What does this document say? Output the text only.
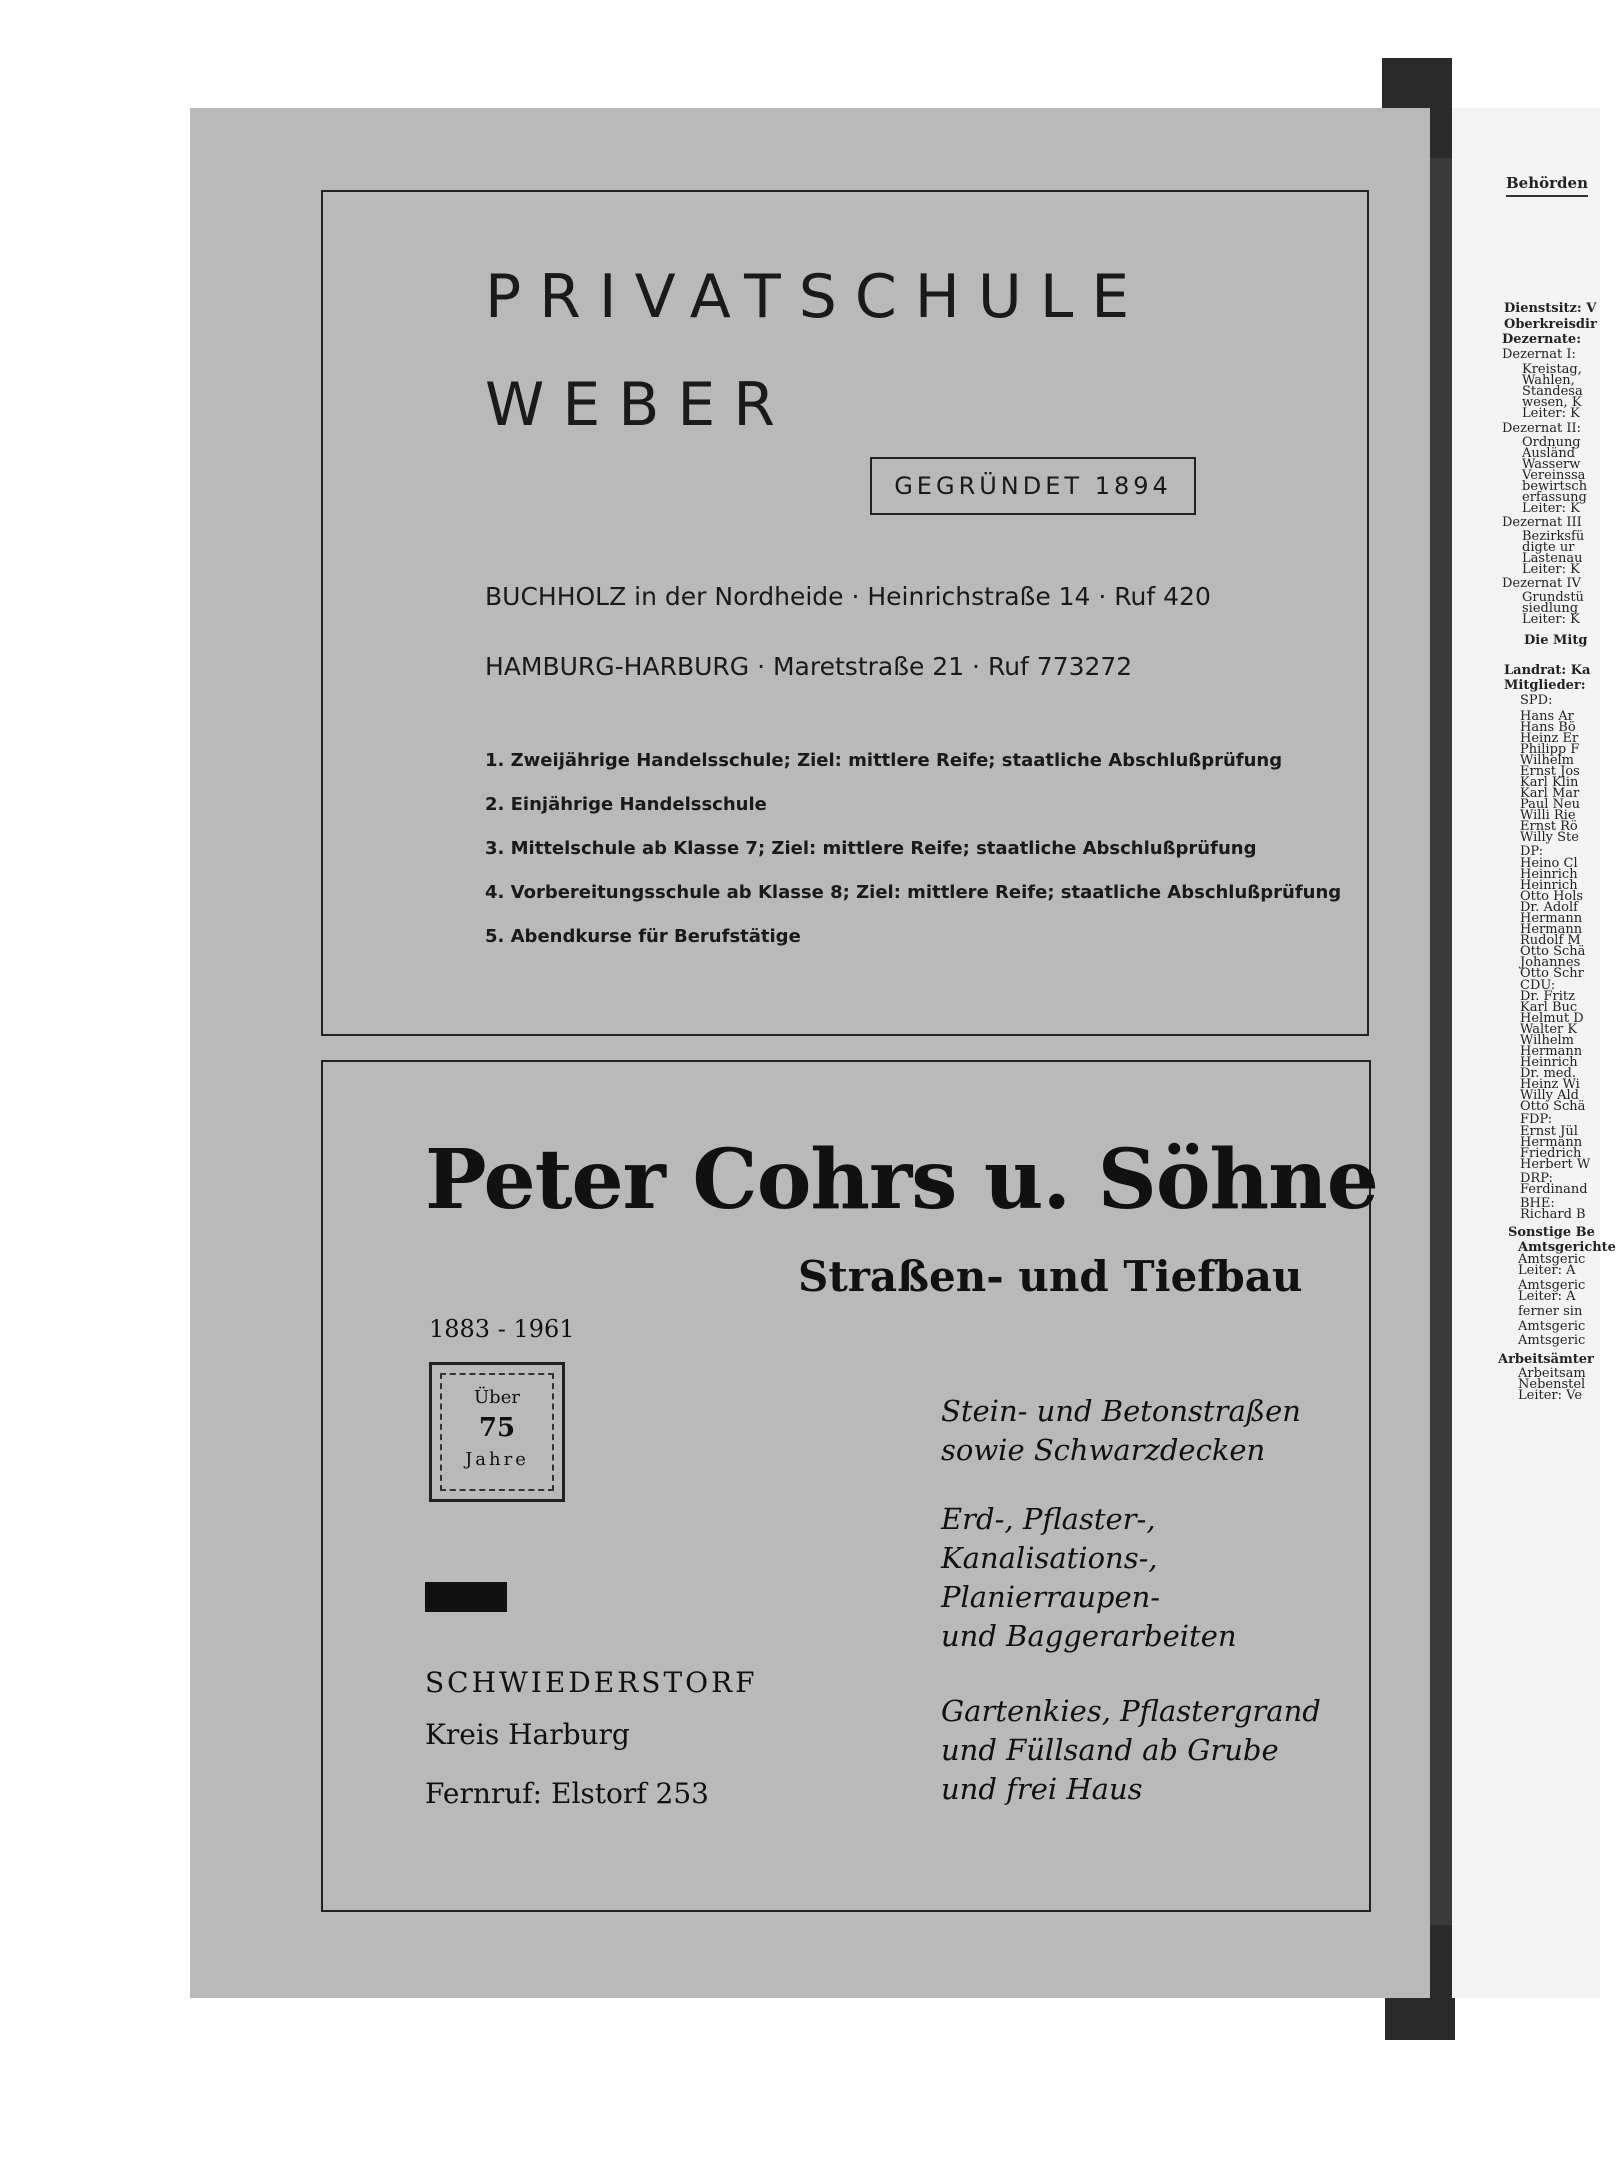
PRIVATSCHULE
WEBER
GEGRÜNDET 1894
BUCHHOLZ in der Nordheide · Heinrichstraße 14 · Ruf 420
HAMBURG-HARBURG · Maretstraße 21 · Ruf 773272
1. Zweijährige Handelsschule; Ziel: mittlere Reife; staatliche Abschlußprüfung
2. Einjährige Handelsschule
3. Mittelschule ab Klasse 7; Ziel: mittlere Reife; staatliche Abschlußprüfung
4. Vorbereitungsschule ab Klasse 8; Ziel: mittlere Reife; staatliche Abschlußprüfung
5. Abendkurse für Berufstätige
Peter Cohrs u. Söhne
Straßen- und Tiefbau
1883 - 1961
Über
75
Jahre
SCHWIEDERSTORF
Kreis Harburg
Fernruf: Elstorf 253
Stein- und Betonstraßen
sowie Schwarzdecken
Erd-, Pflaster-,
Kanalisations-,
Planierraupen-
und Baggerarbeiten
Gartenkies, Pflastergrand
und Füllsand ab Grube
und frei Haus
Behörden
Dienstsitz: V
Oberkreisdir
Dezernate:
Dezernat I:
Kreistag,
Wahlen,
Standesa
wesen, K
Leiter: K
Dezernat II:
Ordnung
Ausländ
Wasserw
Vereinssa
bewirtsch
erfassung
Leiter: K
Dezernat III
Bezirksfü
digte ur
Lastenau
Leiter: K
Dezernat IV
Grundstü
siedlung
Leiter: K
Die Mitg
Landrat: Ka
Mitglieder:
SPD:
Hans Ar
Hans Bö
Heinz Er
Philipp F
Wilhelm
Ernst Jos
Karl Klin
Karl Mar
Paul Neu
Willi Rie
Ernst Rö
Willy Ste
DP:
Heino Cl
Heinrich
Heinrich
Otto Hols
Dr. Adolf
Hermann
Hermann
Rudolf M
Otto Schä
Johannes
Otto Schr
CDU:
Dr. Fritz
Karl Buc
Helmut D
Walter K
Wilhelm
Hermann
Heinrich
Dr. med.
Heinz Wi
Willy Ald
Otto Schä
FDP:
Ernst Jül
Hermann
Friedrich
Herbert W
DRP:
Ferdinand
BHE:
Richard B
Sonstige Be
Amtsgerichte
Amtsgeric
Leiter: A
Amtsgeric
Leiter: A
ferner sin
Amtsgeric
Amtsgeric
Arbeitsämter
Arbeitsam
Nebenstel
Leiter: Ve
